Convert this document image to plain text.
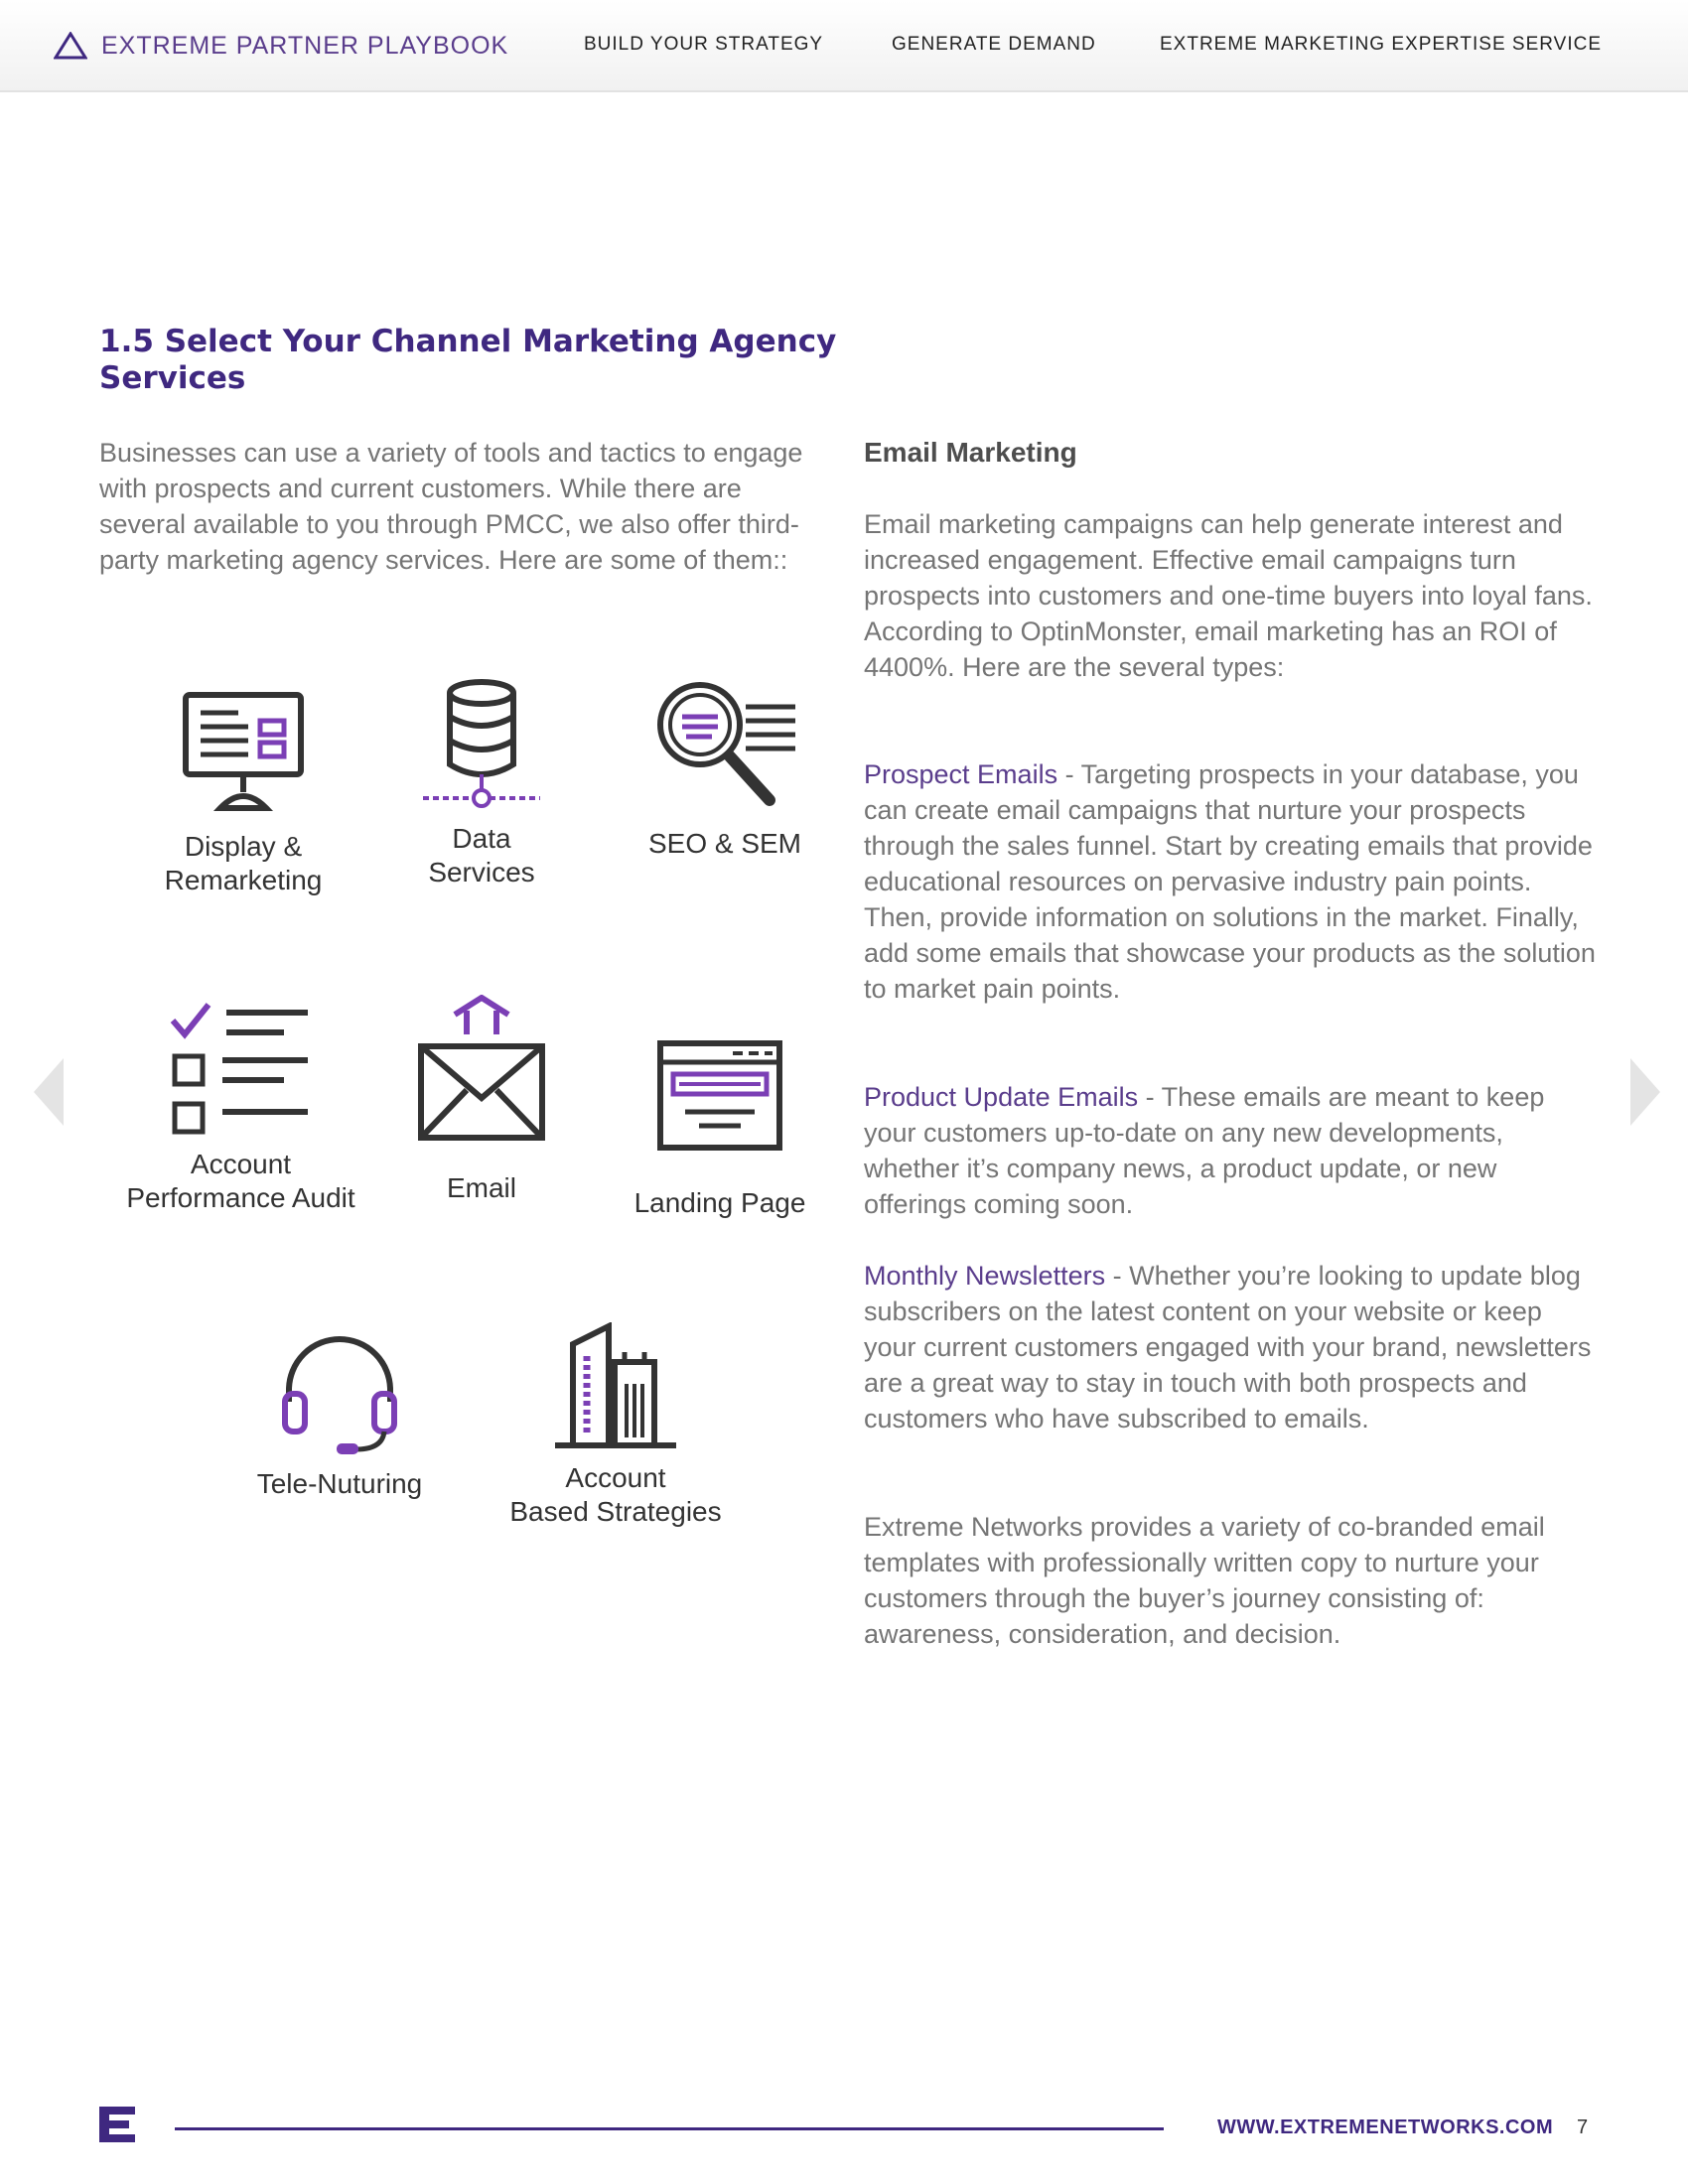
EXTREME PARTNER PLAYBOOK	BUILD YOUR STRATEGY	GENERATE DEMAND	EXTREME MARKETING EXPERTISE SERVICE
1.5 Select Your Channel Marketing Agency Services

Businesses can use a variety of tools and tactics to engage with prospects and current customers. While there are several available to you through PMCC, we also offer third-party marketing agency services. Here are some of them::

Display &
Remarketing
Data
Services
SEO & SEM
Account
Performance Audit	Email	Landing Page
Tele-Nuturing	Account
Based Strategies
Email Marketing

Email marketing campaigns can help generate interest and increased engagement. Effective email campaigns turn prospects into customers and one-time buyers into loyal fans. According to OptinMonster, email marketing has an ROI of 4400%. Here are the several types:

Prospect Emails - Targeting prospects in your database, you can create email campaigns that nurture your prospects through the sales funnel. Start by creating emails that provide educational resources on pervasive industry pain points. Then, provide information on solutions in the market. Finally, add some emails that showcase your products as the solution to market pain points.

Product Update Emails - These emails are meant to keep your customers up-to-date on any new developments, whether it’s company news, a product update, or new offerings coming soon.

Monthly Newsletters - Whether you’re looking to update blog subscribers on the latest content on your website or keep your current customers engaged with your brand, newsletters are a great way to stay in touch with both prospects and customers who have subscribed to emails.

Extreme Networks provides a variety of co-branded email templates with professionally written copy to nurture your customers through the buyer’s journey consisting of: awareness, consideration, and decision.

WWW.EXTREMENETWORKS.COM 7
